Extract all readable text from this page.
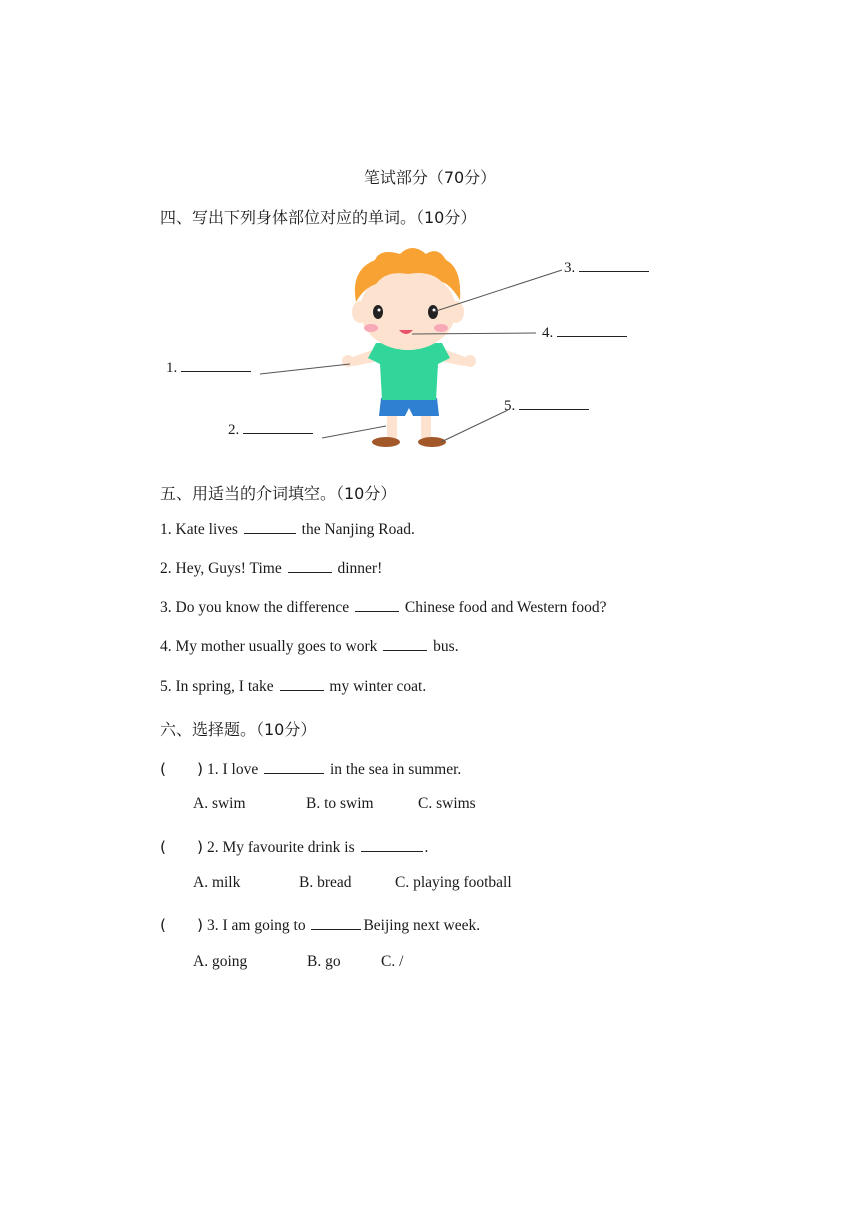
笔试部分（70分）
四、写出下列身体部位对应的单词。（10分）
3.
4.
1.
2.
5.
五、用适当的介词填空。（10分）
1. Kate lives	the Nanjing Road.
2. Hey, Guys! Time	dinner!
3. Do you know the difference	Chinese food and Western food?
4. My mother usually goes to work	bus.
5. In spring, I take	my winter coat.
六、选择题。（10分）
(　　) 1. I love	in the sea in summer.
A. swim	B. to swim	C. swims
(　　) 2. My favourite drink is	.
A. milk	B. bread	C. playing football
(　　) 3. I am going to	Beijing next week.
A. going	B. go	C. /
